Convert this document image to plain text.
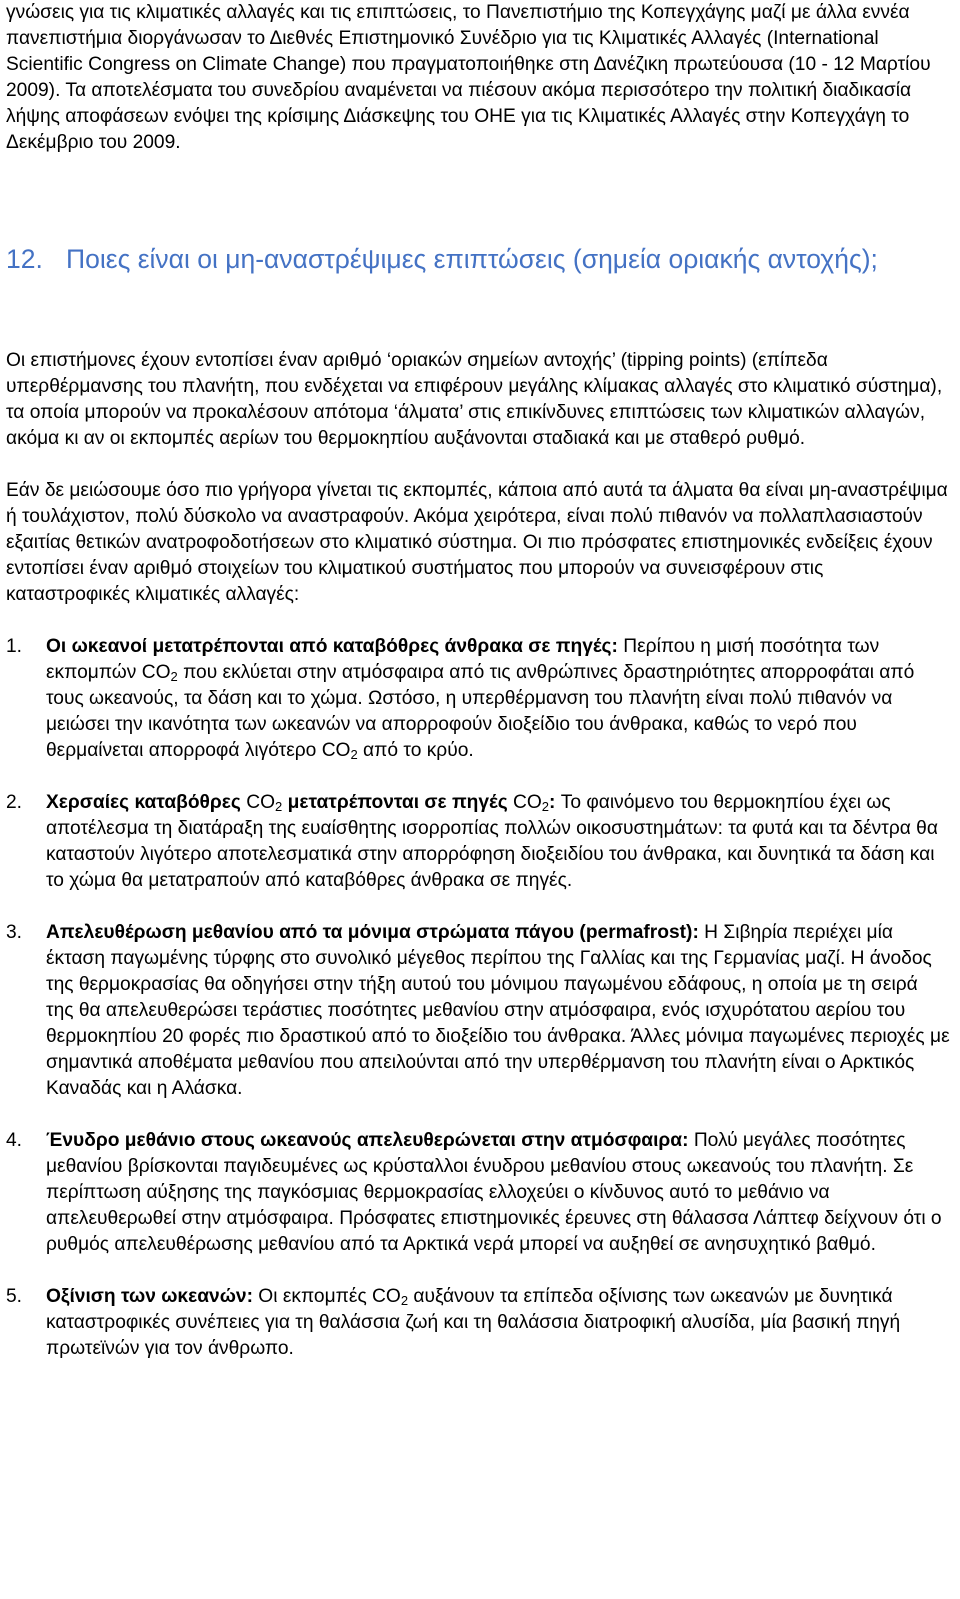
γνώσεις για τις κλιματικές αλλαγές και τις επιπτώσεις, το Πανεπιστήμιο της Κοπεγχάγης μαζί με άλλα εννέα πανεπιστήμια διοργάνωσαν το Διεθνές Επιστημονικό Συνέδριο για τις Κλιματικές Αλλαγές (International Scientific Congress on Climate Change) που πραγματοποιήθηκε στη Δανέζικη πρωτεύουσα (10 - 12 Μαρτίου 2009). Τα αποτελέσματα του συνεδρίου αναμένεται να πιέσουν ακόμα περισσότερο την πολιτική διαδικασία λήψης αποφάσεων ενόψει της κρίσιμης Διάσκεψης του ΟΗΕ για τις Κλιματικές Αλλαγές στην Κοπεγχάγη το Δεκέμβριο του 2009.

12. Ποιες είναι οι μη-αναστρέψιμες επιπτώσεις (σημεία οριακής αντοχής);

Οι επιστήμονες έχουν εντοπίσει έναν αριθμό ‘οριακών σημείων αντοχής’ (tipping points) (επίπεδα υπερθέρμανσης του πλανήτη, που ενδέχεται να επιφέρουν μεγάλης κλίμακας αλλαγές στο κλιματικό σύστημα), τα οποία μπορούν να προκαλέσουν απότομα ‘άλματα’ στις επικίνδυνες επιπτώσεις των κλιματικών αλλαγών, ακόμα κι αν οι εκπομπές αερίων του θερμοκηπίου αυξάνονται σταδιακά και με σταθερό ρυθμό.

Εάν δε μειώσουμε όσο πιο γρήγορα γίνεται τις εκπομπές, κάποια από αυτά τα άλματα θα είναι μη-αναστρέψιμα ή τουλάχιστον, πολύ δύσκολο να αναστραφούν. Ακόμα χειρότερα, είναι πολύ πιθανόν να πολλαπλασιαστούν εξαιτίας θετικών ανατροφοδοτήσεων στο κλιματικό σύστημα. Οι πιο πρόσφατες επιστημονικές ενδείξεις έχουν εντοπίσει έναν αριθμό στοιχείων του κλιματικού συστήματος που μπορούν να συνεισφέρουν στις καταστροφικές κλιματικές αλλαγές:

1. Οι ωκεανοί μετατρέπονται από καταβόθρες άνθρακα σε πηγές: Περίπου η μισή ποσότητα των εκπομπών $CO_2$ που εκλύεται στην ατμόσφαιρα από τις ανθρώπινες δραστηριότητες απορροφάται από τους ωκεανούς, τα δάση και το χώμα. Ωστόσο, η υπερθέρμανση του πλανήτη είναι πολύ πιθανόν να μειώσει την ικανότητα των ωκεανών να απορροφούν διοξείδιο του άνθρακα, καθώς το νερό που θερμαίνεται απορροφά λιγότερο $CO_2$ από το κρύο.
2. Χερσαίες καταβόθρες $CO_2$ μετατρέπονται σε πηγές $CO_2$: Το φαινόμενο του θερμοκηπίου έχει ως αποτέλεσμα τη διατάραξη της ευαίσθητης ισορροπίας πολλών οικοσυστημάτων: τα φυτά και τα δέντρα θα καταστούν λιγότερο αποτελεσματικά στην απορρόφηση διοξειδίου του άνθρακα, και δυνητικά τα δάση και το χώμα θα μετατραπούν από καταβόθρες άνθρακα σε πηγές.
3. Απελευθέρωση μεθανίου από τα μόνιμα στρώματα πάγου (permafrost): Η Σιβηρία περιέχει μία έκταση παγωμένης τύρφης στο συνολικό μέγεθος περίπου της Γαλλίας και της Γερμανίας μαζί. Η άνοδος της θερμοκρασίας θα οδηγήσει στην τήξη αυτού του μόνιμου παγωμένου εδάφους, η οποία με τη σειρά της θα απελευθερώσει τεράστιες ποσότητες μεθανίου στην ατμόσφαιρα, ενός ισχυρότατου αερίου του θερμοκηπίου 20 φορές πιο δραστικού από το διοξείδιο του άνθρακα. Άλλες μόνιμα παγωμένες περιοχές με σημαντικά αποθέματα μεθανίου που απειλούνται από την υπερθέρμανση του πλανήτη είναι ο Αρκτικός Καναδάς και η Αλάσκα.
4. Ένυδρο μεθάνιο στους ωκεανούς απελευθερώνεται στην ατμόσφαιρα: Πολύ μεγάλες ποσότητες μεθανίου βρίσκονται παγιδευμένες ως κρύσταλλοι ένυδρου μεθανίου στους ωκεανούς του πλανήτη. Σε περίπτωση αύξησης της παγκόσμιας θερμοκρασίας ελλοχεύει ο κίνδυνος αυτό το μεθάνιο να απελευθερωθεί στην ατμόσφαιρα. Πρόσφατες επιστημονικές έρευνες στη θάλασσα Λάπτεφ δείχνουν ότι ο ρυθμός απελευθέρωσης μεθανίου από τα Αρκτικά νερά μπορεί να αυξηθεί σε ανησυχητικό βαθμό.
5. Οξίνιση των ωκεανών: Οι εκπομπές $CO_2$ αυξάνουν τα επίπεδα οξίνισης των ωκεανών με δυνητικά καταστροφικές συνέπειες για τη θαλάσσια ζωή και τη θαλάσσια διατροφική αλυσίδα, μία βασική πηγή πρωτεϊνών για τον άνθρωπο.
